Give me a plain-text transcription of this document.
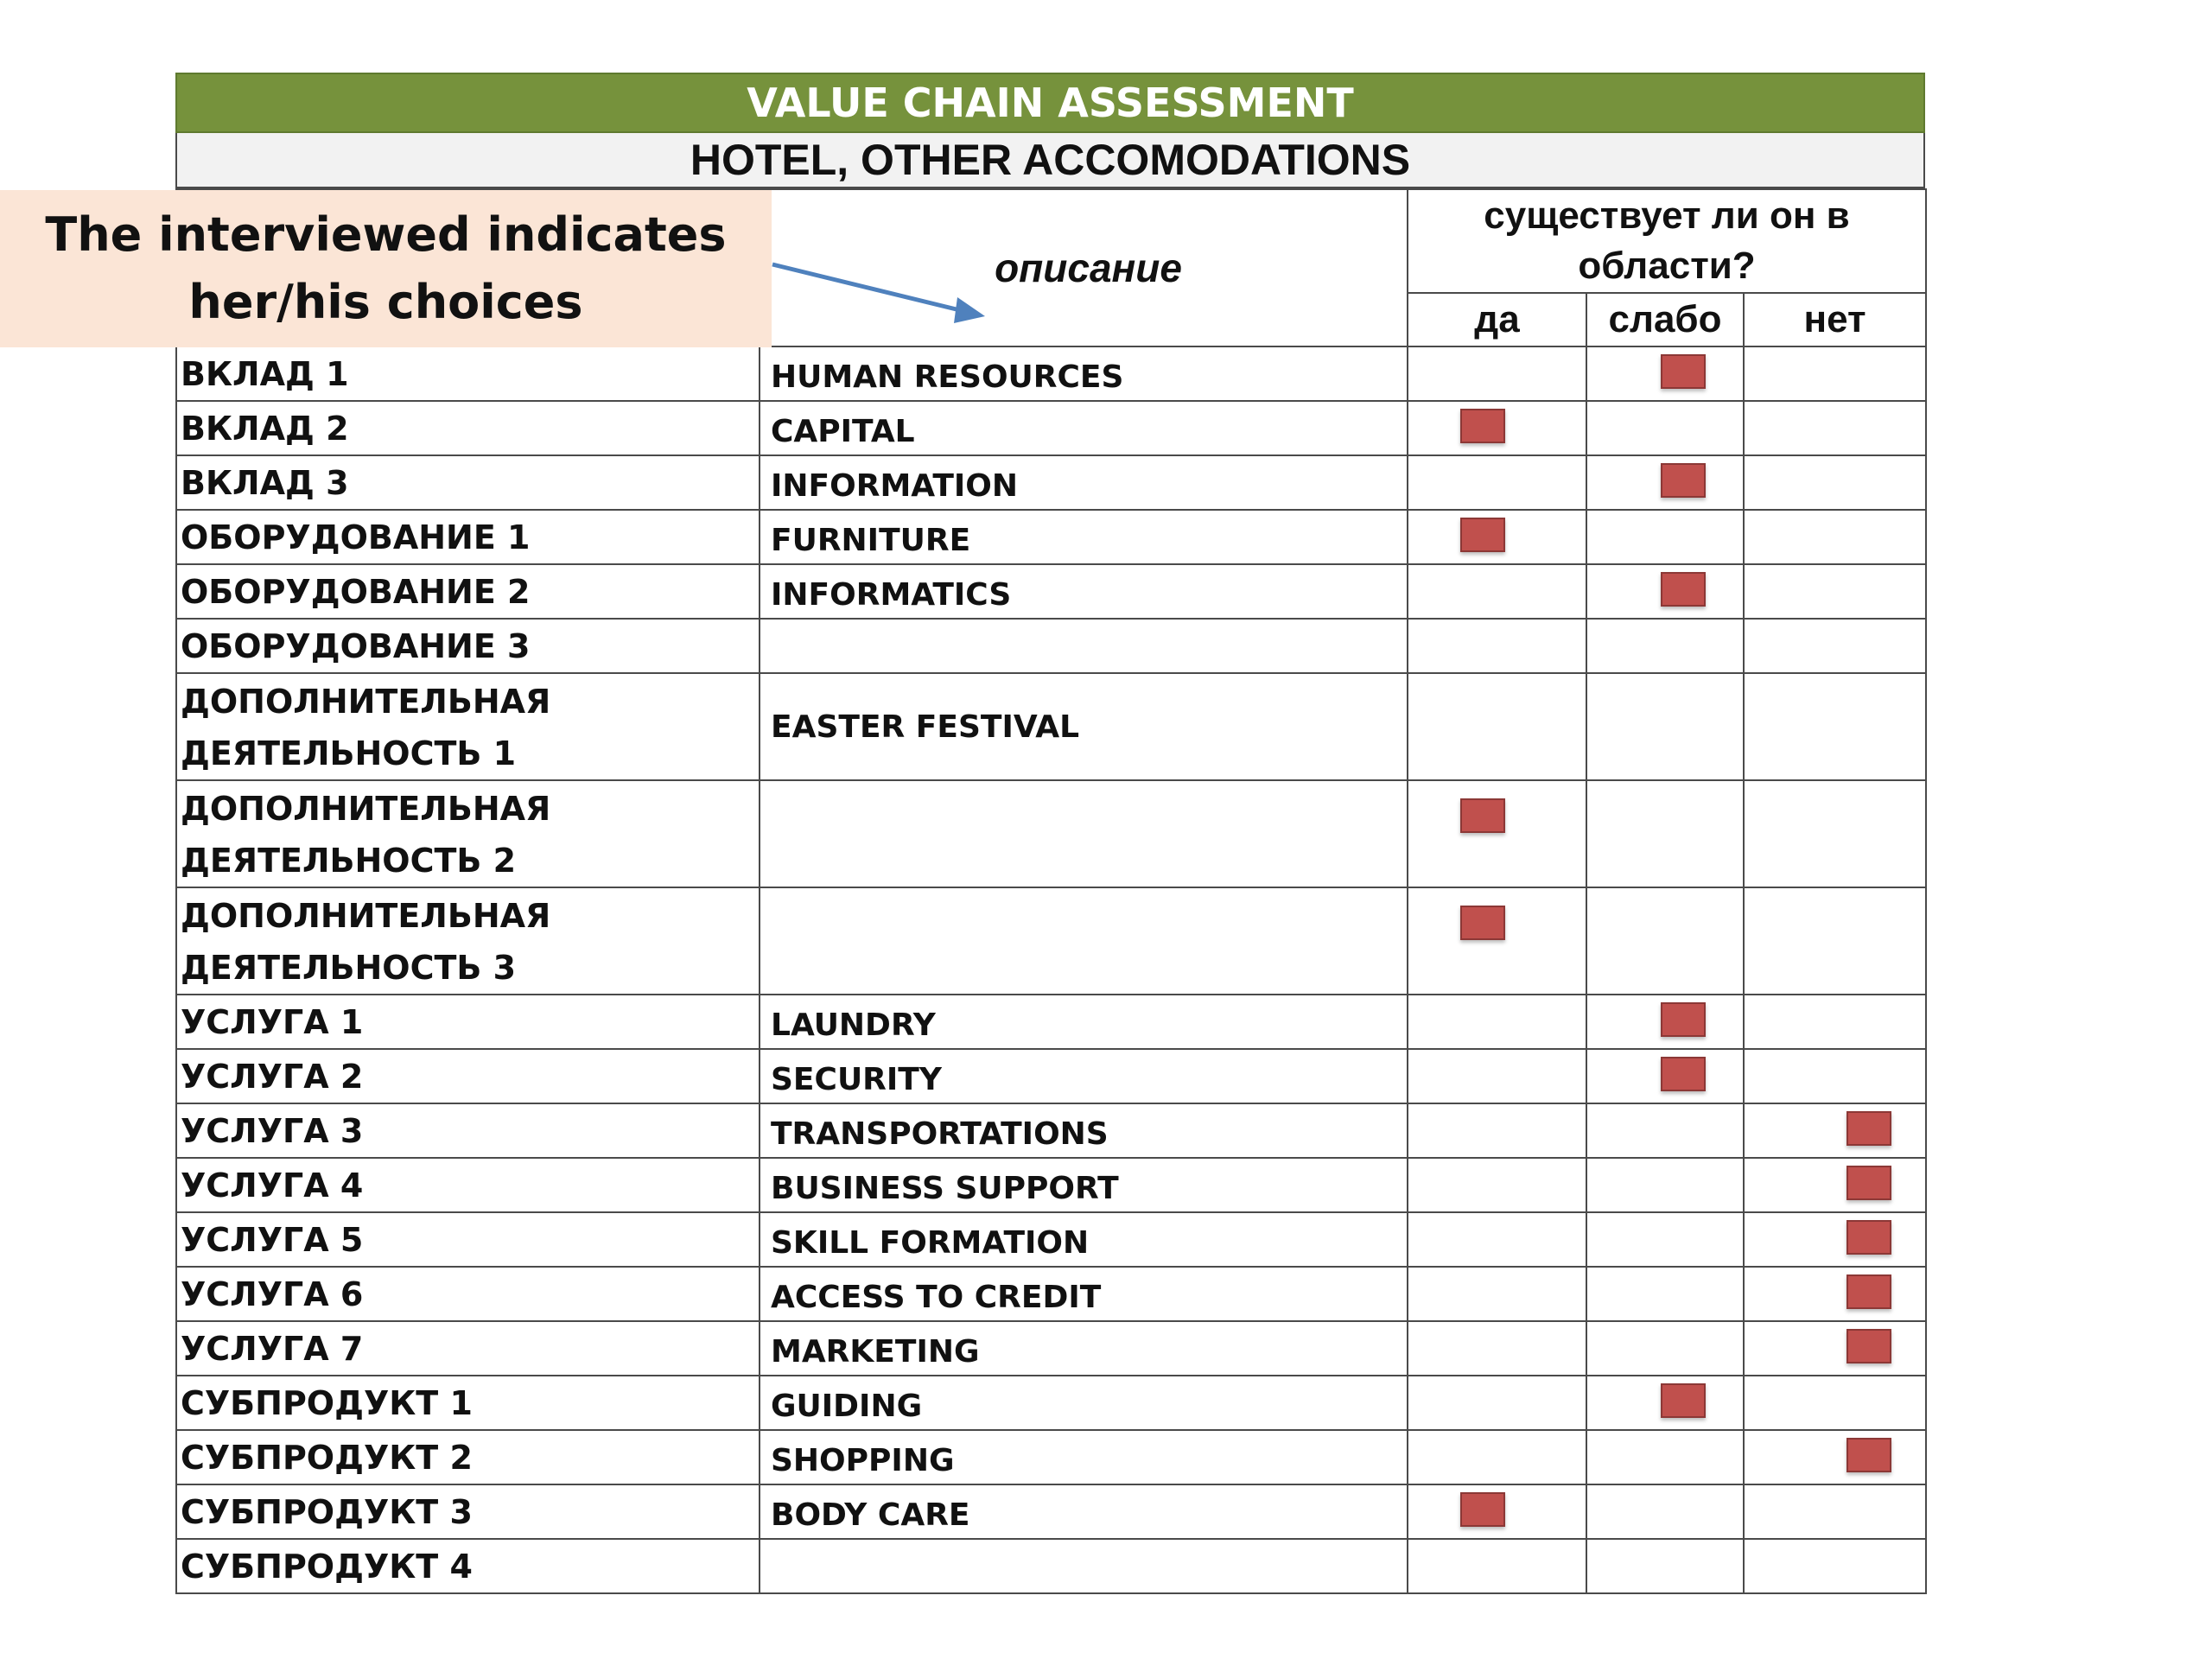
VALUE CHAIN ASSESSMENT
HOTEL, OTHER ACCOMODATIONS
	описание	существует ли он в области?		
		да	слабо	нет
ВКЛАД 1	HUMAN RESOURCES		

ВКЛАД 2	CAPITAL	

ВКЛАД 3	INFORMATION		

ОБОРУДОВАНИЕ 1	FURNITURE	

ОБОРУДОВАНИЕ 2	INFORMATICS		

ОБОРУДОВАНИЕ 3				
ДОПОЛНИТЕЛЬНАЯ ДЕЯТЕЛЬНОСТЬ 1	EASTER FESTIVAL			
ДОПОЛНИТЕЛЬНАЯ ДЕЯТЕЛЬНОСТЬ 2		

ДОПОЛНИТЕЛЬНАЯ ДЕЯТЕЛЬНОСТЬ 3		

УСЛУГА 1	LAUNDRY		

УСЛУГА 2	SECURITY		

УСЛУГА 3	TRANSPORTATIONS			

УСЛУГА 4	BUSINESS SUPPORT			

УСЛУГА 5	SKILL FORMATION			

УСЛУГА 6	ACCESS TO CREDIT			

УСЛУГА 7	MARKETING			

СУБПРОДУКТ 1	GUIDING		

СУБПРОДУКТ 2	SHOPPING			

СУБПРОДУКТ 3	BODY CARE	

СУБПРОДУКТ 4				
The interviewed indicates
her/his choices
